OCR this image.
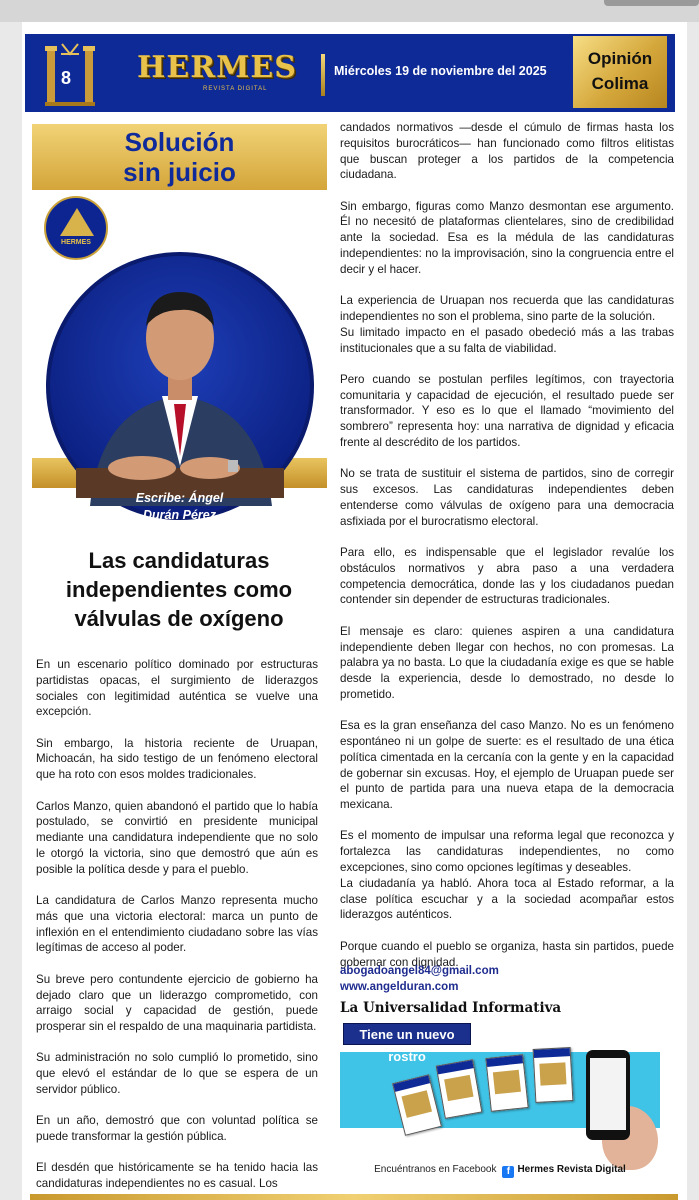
8 HERMES
REVISTA DIGITAL
Miércoles 19 de noviembre del 2025
Opinión
Colima
Solución
sin juicio
HERMES
Escribe: Ángel
Durán Pérez
Las candidaturas independientes como válvulas de oxígeno

En un escenario político dominado por estructuras partidistas opacas, el surgimiento de liderazgos sociales con legitimidad auténtica se vuelve una excepción.

Sin embargo, la historia reciente de Uruapan, Michoacán, ha sido testigo de un fenómeno electoral que ha roto con esos moldes tradicionales.

Carlos Manzo, quien abandonó el partido que lo había postulado, se convirtió en presidente municipal mediante una candidatura independiente que no solo le otorgó la victoria, sino que demostró que aún es posible la política desde y para el pueblo.

La candidatura de Carlos Manzo representa mucho más que una victoria electoral: marca un punto de inflexión en el entendimiento ciudadano sobre las vías legítimas de acceso al poder.

Su breve pero contundente ejercicio de gobierno ha dejado claro que un liderazgo comprometido, con arraigo social y capacidad de gestión, puede prosperar sin el respaldo de una maquinaria partidista.

Su administración no solo cumplió lo prometido, sino que elevó el estándar de lo que se espera de un servidor público.

En un año, demostró que con voluntad política se puede transformar la gestión pública.

El desdén que históricamente se ha tenido hacia las candidaturas independientes no es casual. Los

candados normativos —desde el cúmulo de firmas hasta los requisitos burocráticos— han funcionado como filtros elitistas que buscan proteger a los partidos de la competencia ciudadana.

Sin embargo, figuras como Manzo desmontan ese argumento. Él no necesitó de plataformas clientelares, sino de credibilidad ante la sociedad. Esa es la médula de las candidaturas independientes: no la improvisación, sino la congruencia entre el decir y el hacer.

La experiencia de Uruapan nos recuerda que las candidaturas independientes no son el problema, sino parte de la solución.

Su limitado impacto en el pasado obedeció más a las trabas institucionales que a su falta de viabilidad.

Pero cuando se postulan perfiles legítimos, con trayectoria comunitaria y capacidad de ejecución, el resultado puede ser transformador. Y eso es lo que el llamado “movimiento del sombrero” representa hoy: una narrativa de dignidad y eficacia frente al descrédito de los partidos.

No se trata de sustituir el sistema de partidos, sino de corregir sus excesos. Las candidaturas independientes deben entenderse como válvulas de oxígeno para una democracia asfixiada por el burocratismo electoral.

Para ello, es indispensable que el legislador revalúe los obstáculos normativos y abra paso a una verdadera competencia democrática, donde las y los ciudadanos puedan contender sin depender de estructuras tradicionales.

El mensaje es claro: quienes aspiren a una candidatura independiente deben llegar con hechos, no con promesas. La palabra ya no basta. Lo que la ciudadanía exige es que se hable desde la experiencia, desde lo demostrado, no desde lo prometido.

Esa es la gran enseñanza del caso Manzo. No es un fenómeno espontáneo ni un golpe de suerte: es el resultado de una ética política cimentada en la cercanía con la gente y en la capacidad de gobernar sin excusas. Hoy, el ejemplo de Uruapan puede ser el punto de partida para una nueva etapa de la democracia mexicana.

Es el momento de impulsar una reforma legal que reconozca y fortalezca las candidaturas independientes, no como excepciones, sino como opciones legítimas y deseables.

La ciudadanía ya habló. Ahora toca al Estado reformar, a la clase política escuchar y a la sociedad acompañar estos liderazgos auténticos.

Porque cuando el pueblo se organiza, hasta sin partidos, puede gobernar con dignidad.

abogadoangel84@gmail.com
www.angelduran.com
La Universalidad Informativa
Tiene un nuevo rostro
Encuéntranos en Facebook f Hermes Revista Digital
